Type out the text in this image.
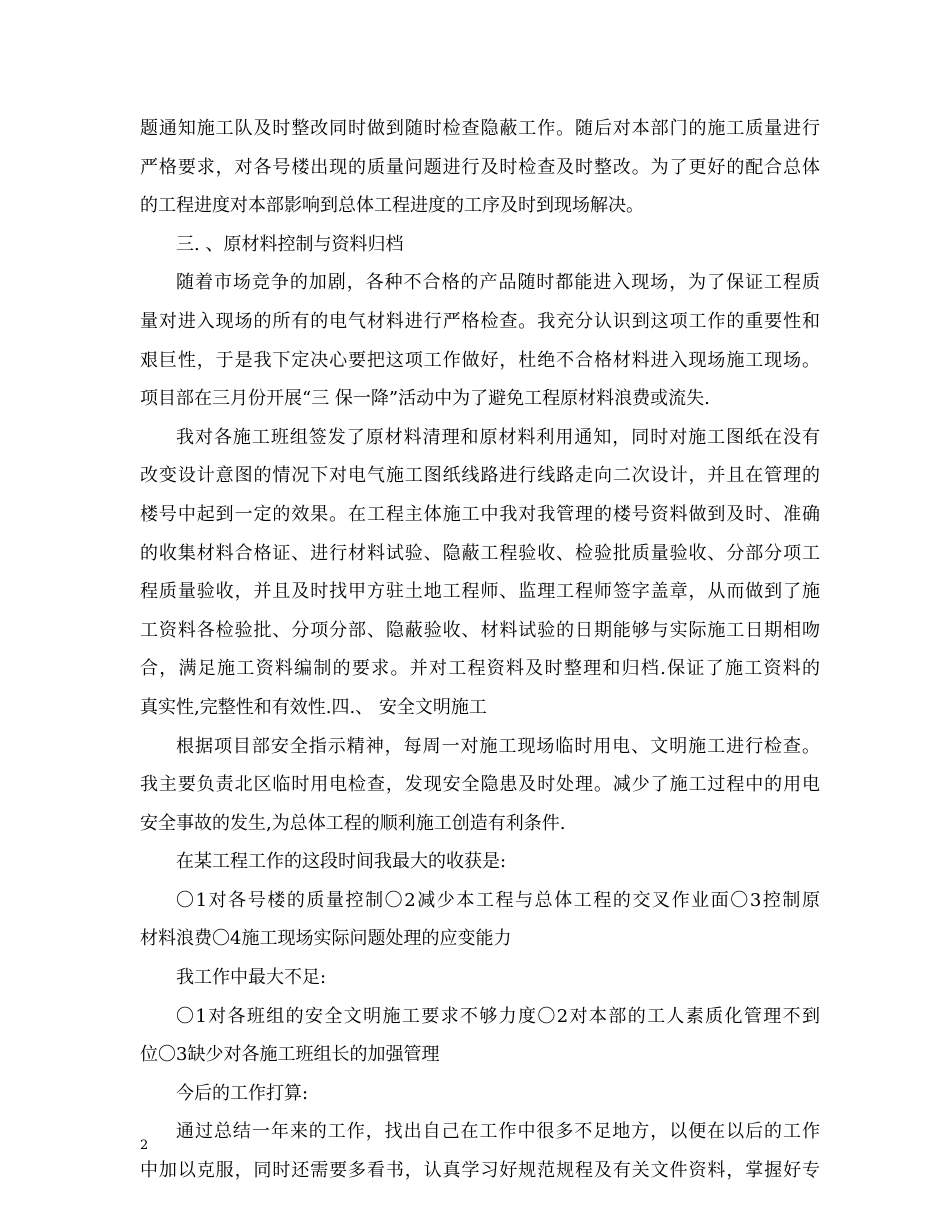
题通知施工队及时整改同时做到随时检查隐蔽工作。随后对本部门的施工质量进行
严格要求，对各号楼出现的质量问题进行及时检查及时整改。为了更好的配合总体
的工程进度对本部影响到总体工程进度的工序及时到现场解决。
三. 、原材料控制与资料归档
随着市场竞争的加剧，各种不合格的产品随时都能进入现场，为了保证工程质
量对进入现场的所有的电气材料进行严格检查。我充分认识到这项工作的重要性和
艰巨性，于是我下定决心要把这项工作做好，杜绝不合格材料进入现场施工现场。
项目部在三月份开展“三 保一降”活动中为了避免工程原材料浪费或流失.
我对各施工班组签发了原材料清理和原材料利用通知，同时对施工图纸在没有
改变设计意图的情况下对电气施工图纸线路进行线路走向二次设计，并且在管理的
楼号中起到一定的效果。在工程主体施工中我对我管理的楼号资料做到及时、准确
的收集材料合格证、进行材料试验、隐蔽工程验收、检验批质量验收、分部分项工
程质量验收，并且及时找甲方驻土地工程师、监理工程师签字盖章，从而做到了施
工资料各检验批、分项分部、隐蔽验收、材料试验的日期能够与实际施工日期相吻
合，满足施工资料编制的要求。并对工程资料及时整理和归档.保证了施工资料的
真实性,完整性和有效性.四.、 安全文明施工
根据项目部安全指示精神，每周一对施工现场临时用电、文明施工进行检查。
我主要负责北区临时用电检查，发现安全隐患及时处理。减少了施工过程中的用电
安全事故的发生,为总体工程的顺利施工创造有利条件.
在某工程工作的这段时间我最大的收获是:
〇1对各号楼的质量控制〇2减少本工程与总体工程的交叉作业面〇3控制原
材料浪费〇4施工现场实际问题处理的应变能力
我工作中最大不足:
〇1对各班组的安全文明施工要求不够力度〇2对本部的工人素质化管理不到
位〇3缺少对各施工班组长的加强管理
今后的工作打算:
通过总结一年来的工作，找出自己在工作中很多不足地方，以便在以后的工作
中加以克服，同时还需要多看书，认真学习好规范规程及有关文件资料，掌握好专
2
